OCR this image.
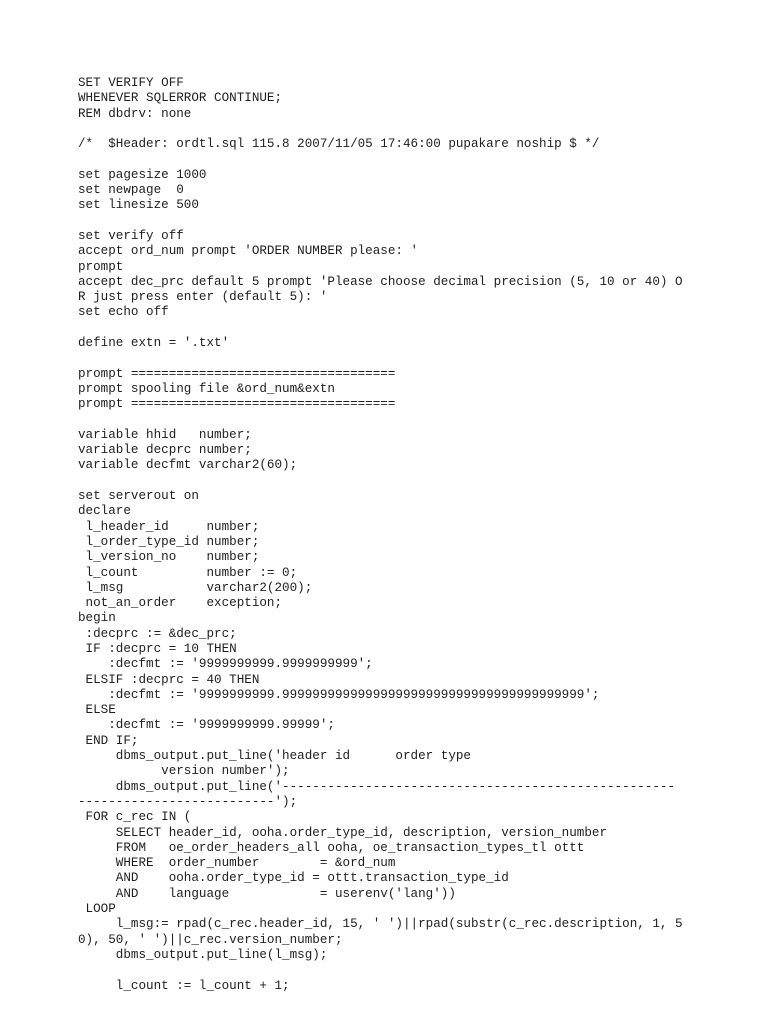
SET VERIFY OFF
WHENEVER SQLERROR CONTINUE;
REM dbdrv: none
/*  $Header: ordtl.sql 115.8 2007/11/05 17:46:00 pupakare noship $ */
set pagesize 1000
set newpage  0
set linesize 500
set verify off
accept ord_num prompt 'ORDER NUMBER please: '
prompt
accept dec_prc default 5 prompt 'Please choose decimal precision (5, 10 or 40) O
R just press enter (default 5): '
set echo off
define extn = '.txt'
prompt ===================================
prompt spooling file &ord_num&extn
prompt ===================================
variable hhid   number;
variable decprc number;
variable decfmt varchar2(60);
set serverout on
declare
l_header_id     number;
l_order_type_id number;
l_version_no    number;
l_count         number := 0;
l_msg           varchar2(200);
not_an_order    exception;
begin
:decprc := &dec_prc;
IF :decprc = 10 THEN
:decfmt := '9999999999.9999999999';
ELSIF :decprc = 40 THEN
:decfmt := '9999999999.9999999999999999999999999999999999999999';
ELSE
:decfmt := '9999999999.99999';
END IF;
dbms_output.put_line('header id      order type
version number');
dbms_output.put_line('----------------------------------------------------
--------------------------');
FOR c_rec IN (
SELECT header_id, ooha.order_type_id, description, version_number
FROM   oe_order_headers_all ooha, oe_transaction_types_tl ottt
WHERE  order_number        = &ord_num
AND    ooha.order_type_id = ottt.transaction_type_id
AND    language            = userenv('lang'))
LOOP
l_msg:= rpad(c_rec.header_id, 15, ' ')||rpad(substr(c_rec.description, 1, 5
0), 50, ' ')||c_rec.version_number;
dbms_output.put_line(l_msg);
l_count := l_count + 1;
